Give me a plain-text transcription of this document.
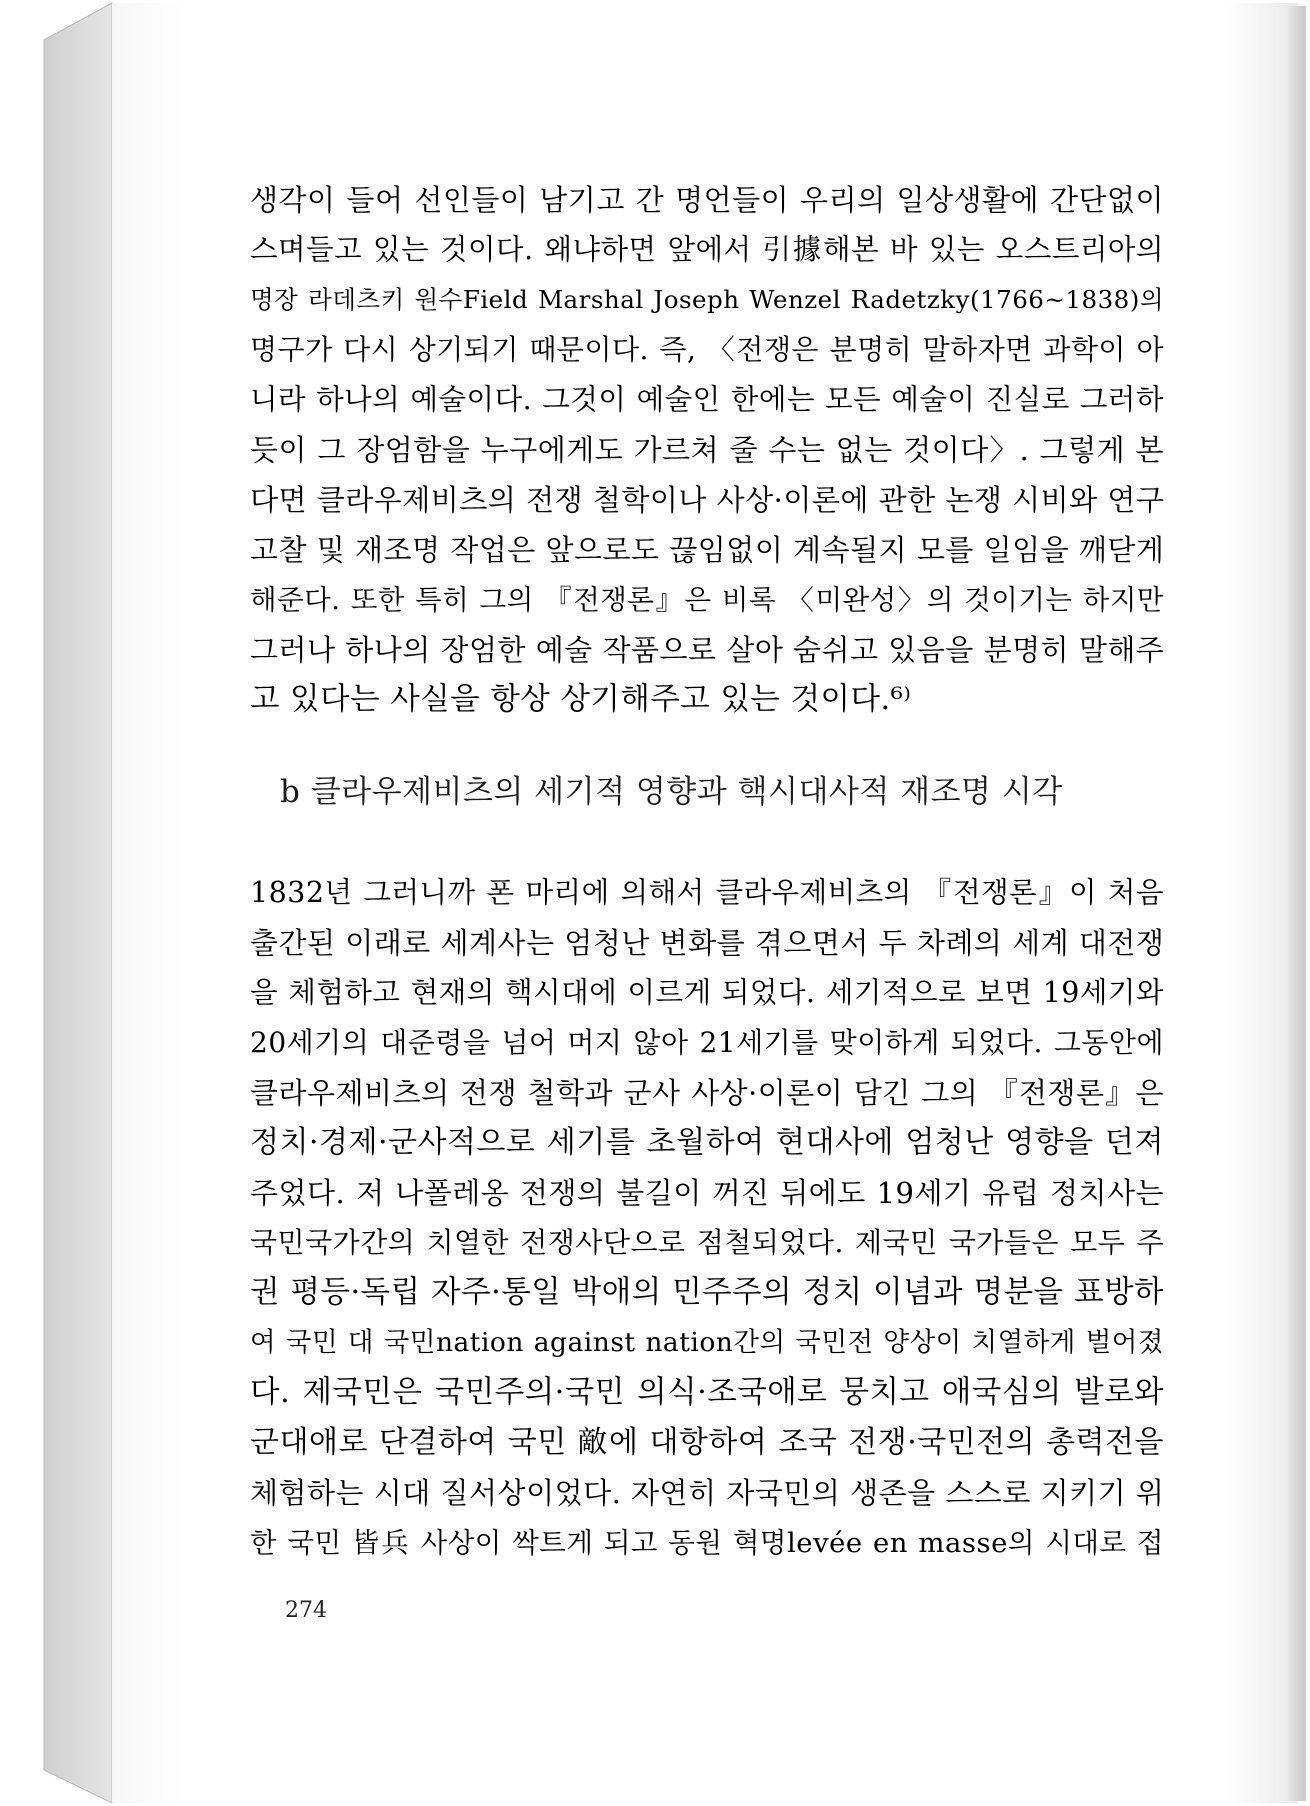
생각이 들어 선인들이 남기고 간 명언들이 우리의 일상생활에 간단없이
스며들고 있는 것이다. 왜냐하면 앞에서 引據해본 바 있는 오스트리아의
명장 라데츠키 원수Field Marshal Joseph Wenzel Radetzky(1766~1838)의
명구가 다시 상기되기 때문이다. 즉, 〈전쟁은 분명히 말하자면 과학이 아
니라 하나의 예술이다. 그것이 예술인 한에는 모든 예술이 진실로 그러하
듯이 그 장엄함을 누구에게도 가르쳐 줄 수는 없는 것이다〉. 그렇게 본
다면 클라우제비츠의 전쟁 철학이나 사상·이론에 관한 논쟁 시비와 연구
고찰 및 재조명 작업은 앞으로도 끊임없이 계속될지 모를 일임을 깨닫게
해준다. 또한 특히 그의 『전쟁론』은 비록 〈미완성〉의 것이기는 하지만
그러나 하나의 장엄한 예술 작품으로 살아 숨쉬고 있음을 분명히 말해주
고 있다는 사실을 항상 상기해주고 있는 것이다.⁶⁾
b 클라우제비츠의 세기적 영향과 핵시대사적 재조명 시각
1832년 그러니까 폰 마리에 의해서 클라우제비츠의 『전쟁론』이 처음
출간된 이래로 세계사는 엄청난 변화를 겪으면서 두 차례의 세계 대전쟁
을 체험하고 현재의 핵시대에 이르게 되었다. 세기적으로 보면 19세기와
20세기의 대준령을 넘어 머지 않아 21세기를 맞이하게 되었다. 그동안에
클라우제비츠의 전쟁 철학과 군사 사상·이론이 담긴 그의 『전쟁론』은
정치·경제·군사적으로 세기를 초월하여 현대사에 엄청난 영향을 던져
주었다. 저 나폴레옹 전쟁의 불길이 꺼진 뒤에도 19세기 유럽 정치사는
국민국가간의 치열한 전쟁사단으로 점철되었다. 제국민 국가들은 모두 주
권 평등·독립 자주·통일 박애의 민주주의 정치 이념과 명분을 표방하
여 국민 대 국민nation against nation간의 국민전 양상이 치열하게 벌어졌
다. 제국민은 국민주의·국민 의식·조국애로 뭉치고 애국심의 발로와
군대애로 단결하여 국민 敵에 대항하여 조국 전쟁·국민전의 총력전을
체험하는 시대 질서상이었다. 자연히 자국민의 생존을 스스로 지키기 위
한 국민 皆兵 사상이 싹트게 되고 동원 혁명levée en masse의 시대로 접
274
